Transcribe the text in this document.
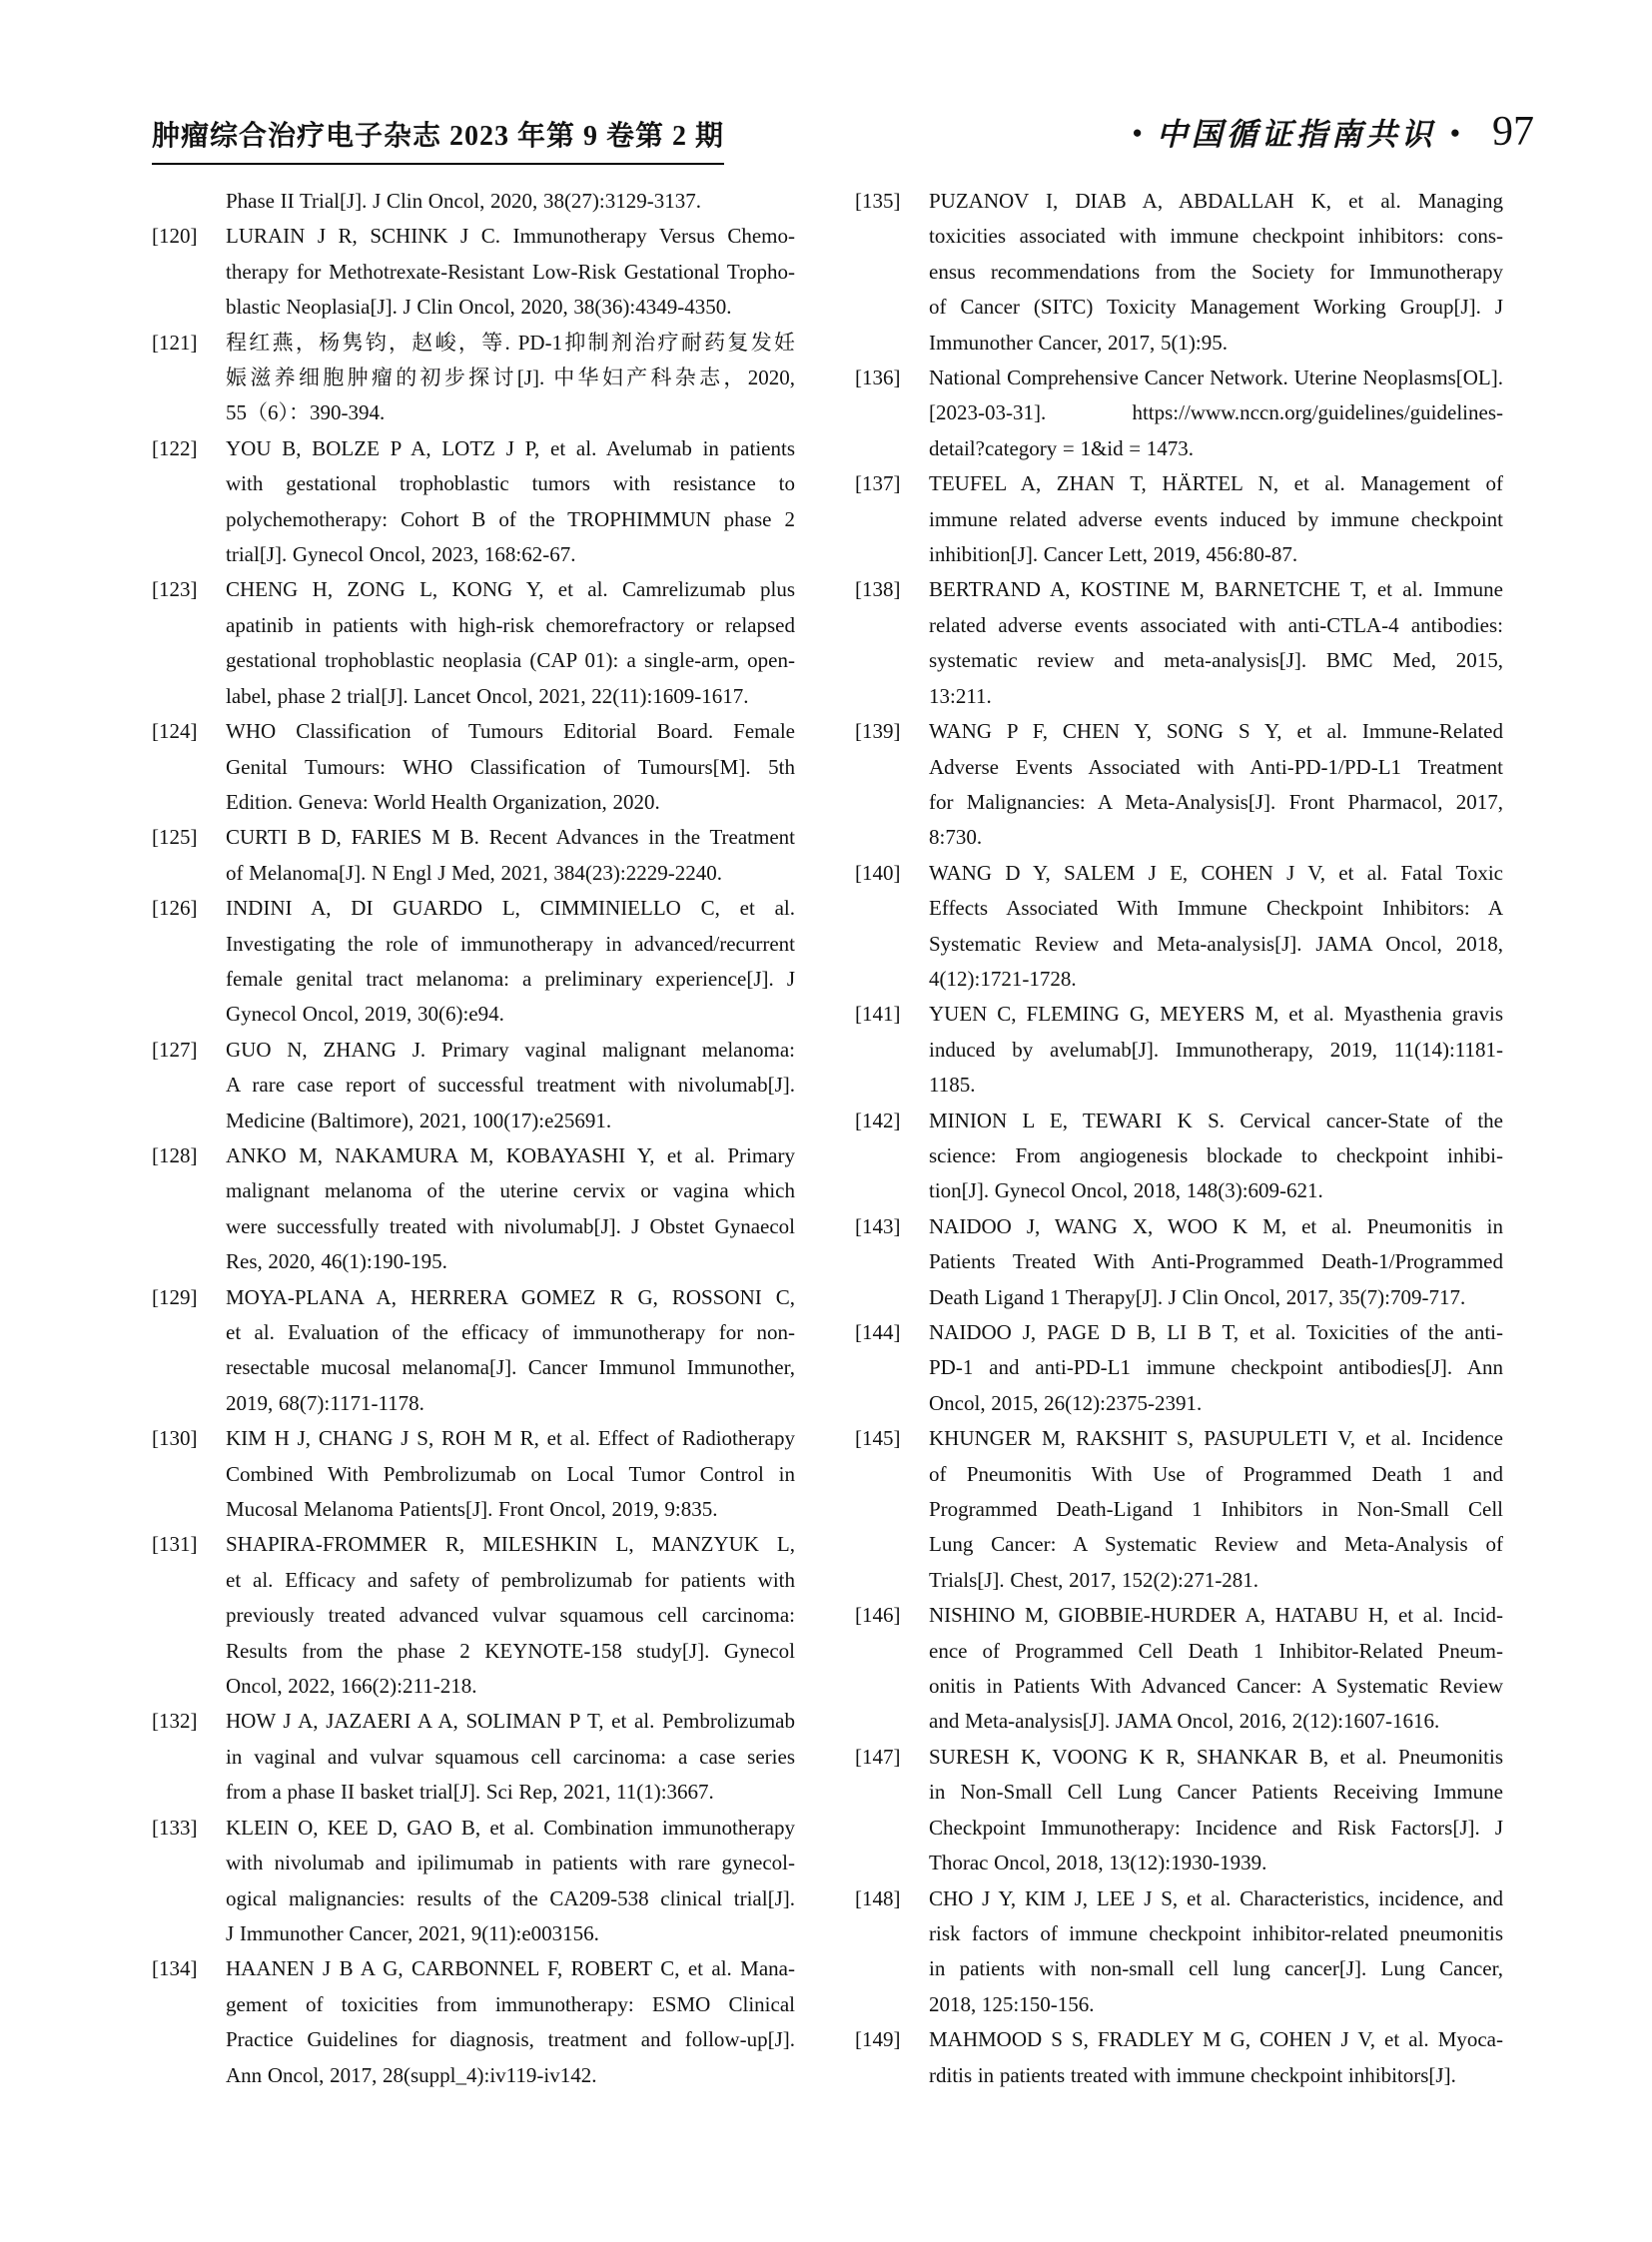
肿瘤综合治疗电子杂志 2023 年第 9 卷第 2 期	● 中国循证指南共识 ● 97
Phase II Trial[J]. J Clin Oncol, 2020, 38(27):3129-3137.
[120]	LURAIN J R, SCHINK J C. Immunotherapy Versus Chemo-
therapy for Methotrexate-Resistant Low-Risk Gestational Tropho-
blastic Neoplasia[J]. J Clin Oncol, 2020, 38(36):4349-4350.
[121]	程红燕，杨隽钧，赵峻，等. PD-1抑制剂治疗耐药复发妊
娠滋养细胞肿瘤的初步探讨[J]. 中华妇产科杂志，2020,
55（6）：390-394.
[122]	YOU B, BOLZE P A, LOTZ J P, et al. Avelumab in patients
with gestational trophoblastic tumors with resistance to
polychemotherapy: Cohort B of the TROPHIMMUN phase 2
trial[J]. Gynecol Oncol, 2023, 168:62-67.
[123]	CHENG H, ZONG L, KONG Y, et al. Camrelizumab plus
apatinib in patients with high-risk chemorefractory or relapsed
gestational trophoblastic neoplasia (CAP 01): a single-arm, open-
label, phase 2 trial[J]. Lancet Oncol, 2021, 22(11):1609-1617.
[124]	WHO Classification of Tumours Editorial Board. Female
Genital Tumours: WHO Classification of Tumours[M]. 5th
Edition. Geneva: World Health Organization, 2020.
[125]	CURTI B D, FARIES M B. Recent Advances in the Treatment
of Melanoma[J]. N Engl J Med, 2021, 384(23):2229-2240.
[126]	INDINI A, DI GUARDO L, CIMMINIELLO C, et al.
Investigating the role of immunotherapy in advanced/recurrent
female genital tract melanoma: a preliminary experience[J]. J
Gynecol Oncol, 2019, 30(6):e94.
[127]	GUO N, ZHANG J. Primary vaginal malignant melanoma:
A rare case report of successful treatment with nivolumab[J].
Medicine (Baltimore), 2021, 100(17):e25691.
[128]	ANKO M, NAKAMURA M, KOBAYASHI Y, et al. Primary
malignant melanoma of the uterine cervix or vagina which
were successfully treated with nivolumab[J]. J Obstet Gynaecol
Res, 2020, 46(1):190-195.
[129]	MOYA-PLANA A, HERRERA GOMEZ R G, ROSSONI C,
et al. Evaluation of the efficacy of immunotherapy for non-
resectable mucosal melanoma[J]. Cancer Immunol Immunother,
2019, 68(7):1171-1178.
[130]	KIM H J, CHANG J S, ROH M R, et al. Effect of Radiotherapy
Combined With Pembrolizumab on Local Tumor Control in
Mucosal Melanoma Patients[J]. Front Oncol, 2019, 9:835.
[131]	SHAPIRA-FROMMER R, MILESHKIN L, MANZYUK L,
et al. Efficacy and safety of pembrolizumab for patients with
previously treated advanced vulvar squamous cell carcinoma:
Results from the phase 2 KEYNOTE-158 study[J]. Gynecol
Oncol, 2022, 166(2):211-218.
[132]	HOW J A, JAZAERI A A, SOLIMAN P T, et al. Pembrolizumab
in vaginal and vulvar squamous cell carcinoma: a case series
from a phase II basket trial[J]. Sci Rep, 2021, 11(1):3667.
[133]	KLEIN O, KEE D, GAO B, et al. Combination immunotherapy
with nivolumab and ipilimumab in patients with rare gynecol-
ogical malignancies: results of the CA209-538 clinical trial[J].
J Immunother Cancer, 2021, 9(11):e003156.
[134]	HAANEN J B A G, CARBONNEL F, ROBERT C, et al. Mana-
gement of toxicities from immunotherapy: ESMO Clinical
Practice Guidelines for diagnosis, treatment and follow-up[J].
Ann Oncol, 2017, 28(suppl_4):iv119-iv142.
[135]	PUZANOV I, DIAB A, ABDALLAH K, et al. Managing
toxicities associated with immune checkpoint inhibitors: cons-
ensus recommendations from the Society for Immunotherapy
of Cancer (SITC) Toxicity Management Working Group[J]. J
Immunother Cancer, 2017, 5(1):95.
[136]	National Comprehensive Cancer Network. Uterine Neoplasms[OL].
[2023-03-31]. https://www.nccn.org/guidelines/guidelines-
detail?category = 1&id = 1473.
[137]	TEUFEL A, ZHAN T, HÄRTEL N, et al. Management of
immune related adverse events induced by immune checkpoint
inhibition[J]. Cancer Lett, 2019, 456:80-87.
[138]	BERTRAND A, KOSTINE M, BARNETCHE T, et al. Immune
related adverse events associated with anti-CTLA-4 antibodies:
systematic review and meta-analysis[J]. BMC Med, 2015,
13:211.
[139]	WANG P F, CHEN Y, SONG S Y, et al. Immune-Related
Adverse Events Associated with Anti-PD-1/PD-L1 Treatment
for Malignancies: A Meta-Analysis[J]. Front Pharmacol, 2017,
8:730.
[140]	WANG D Y, SALEM J E, COHEN J V, et al. Fatal Toxic
Effects Associated With Immune Checkpoint Inhibitors: A
Systematic Review and Meta-analysis[J]. JAMA Oncol, 2018,
4(12):1721-1728.
[141]	YUEN C, FLEMING G, MEYERS M, et al. Myasthenia gravis
induced by avelumab[J]. Immunotherapy, 2019, 11(14):1181-
1185.
[142]	MINION L E, TEWARI K S. Cervical cancer-State of the
science: From angiogenesis blockade to checkpoint inhibi-
tion[J]. Gynecol Oncol, 2018, 148(3):609-621.
[143]	NAIDOO J, WANG X, WOO K M, et al. Pneumonitis in
Patients Treated With Anti-Programmed Death-1/Programmed
Death Ligand 1 Therapy[J]. J Clin Oncol, 2017, 35(7):709-717.
[144]	NAIDOO J, PAGE D B, LI B T, et al. Toxicities of the anti-
PD-1 and anti-PD-L1 immune checkpoint antibodies[J]. Ann
Oncol, 2015, 26(12):2375-2391.
[145]	KHUNGER M, RAKSHIT S, PASUPULETI V, et al. Incidence
of Pneumonitis With Use of Programmed Death 1 and
Programmed Death-Ligand 1 Inhibitors in Non-Small Cell
Lung Cancer: A Systematic Review and Meta-Analysis of
Trials[J]. Chest, 2017, 152(2):271-281.
[146]	NISHINO M, GIOBBIE-HURDER A, HATABU H, et al. Incid-
ence of Programmed Cell Death 1 Inhibitor-Related Pneum-
onitis in Patients With Advanced Cancer: A Systematic Review
and Meta-analysis[J]. JAMA Oncol, 2016, 2(12):1607-1616.
[147]	SURESH K, VOONG K R, SHANKAR B, et al. Pneumonitis
in Non-Small Cell Lung Cancer Patients Receiving Immune
Checkpoint Immunotherapy: Incidence and Risk Factors[J]. J
Thorac Oncol, 2018, 13(12):1930-1939.
[148]	CHO J Y, KIM J, LEE J S, et al. Characteristics, incidence, and
risk factors of immune checkpoint inhibitor-related pneumonitis
in patients with non-small cell lung cancer[J]. Lung Cancer,
2018, 125:150-156.
[149]	MAHMOOD S S, FRADLEY M G, COHEN J V, et al. Myoca-
rditis in patients treated with immune checkpoint inhibitors[J].
